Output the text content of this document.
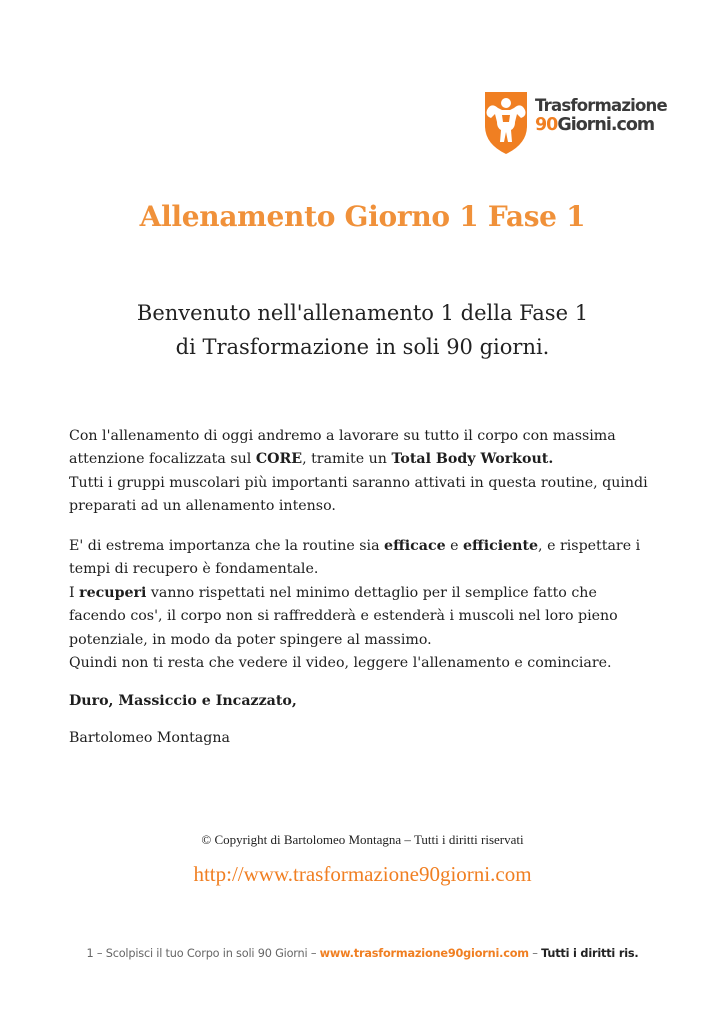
Trasformazione
90Giorni.com
Allenamento Giorno 1 Fase 1
Benvenuto nell'allenamento 1 della Fase 1
di Trasformazione in soli 90 giorni.
Con l'allenamento di oggi andremo a lavorare su tutto il corpo con massima
attenzione focalizzata sul CORE, tramite un Total Body Workout.
Tutti i gruppi muscolari più importanti saranno attivati in questa routine, quindi
preparati ad un allenamento intenso.
E' di estrema importanza che la routine sia efficace e efficiente, e rispettare i
tempi di recupero è fondamentale.
I recuperi vanno rispettati nel minimo dettaglio per il semplice fatto che
facendo cos', il corpo non si raffredderà e estenderà i muscoli nel loro pieno
potenziale, in modo da poter spingere al massimo.
Quindi non ti resta che vedere il video, leggere l'allenamento e cominciare.
Duro, Massiccio e Incazzato,
Bartolomeo Montagna
© Copyright di Bartolomeo Montagna – Tutti i diritti riservati
http://www.trasformazione90giorni.com
1 – Scolpisci il tuo Corpo in soli 90 Giorni – www.trasformazione90giorni.com – Tutti i diritti ris.
